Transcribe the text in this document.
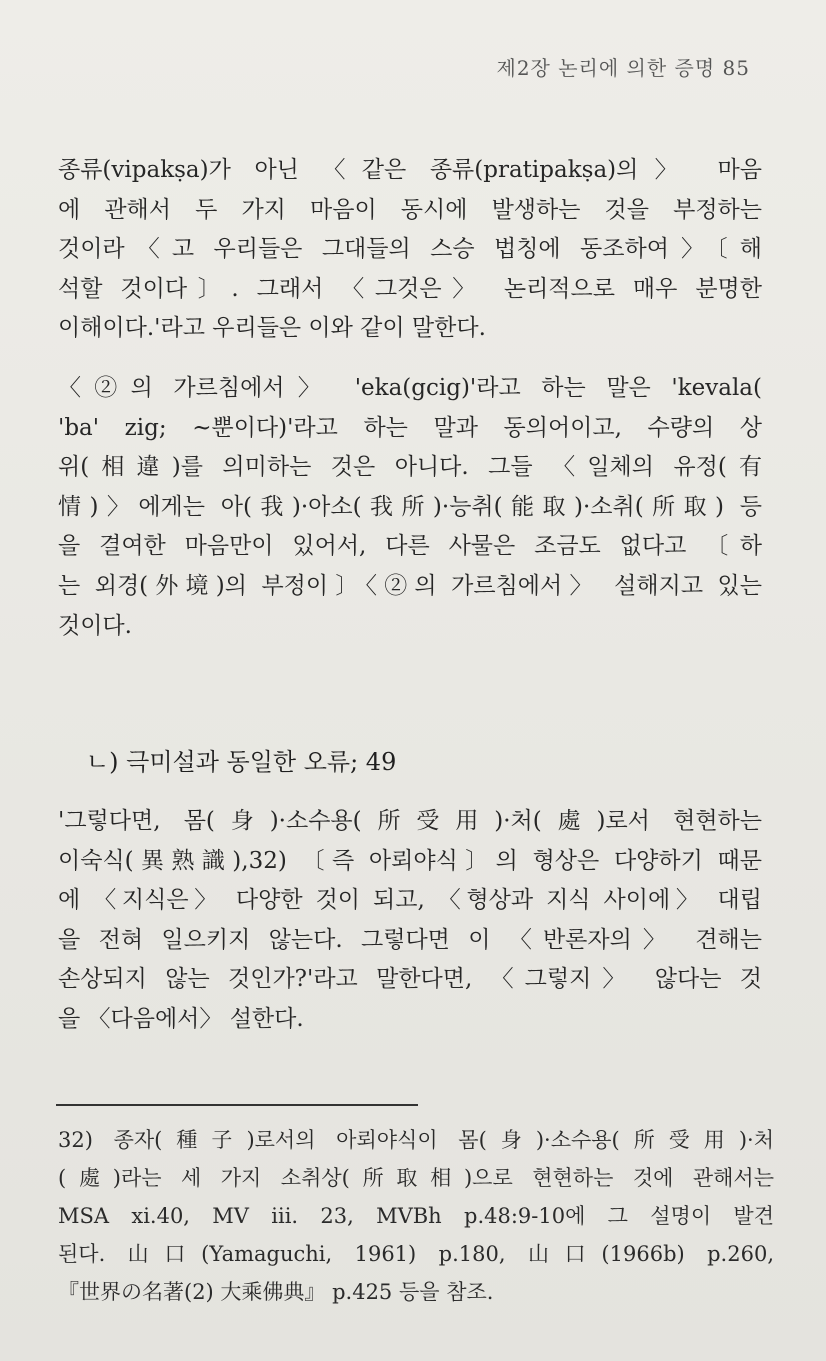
제2장 논리에 의한 증명 85
종류(vipakṣa)가 아닌 〈같은 종류(pratipakṣa)의〉 마음
에 관해서 두 가지 마음이 동시에 발생하는 것을 부정하는
것이라〈고 우리들은 그대들의 스승 법칭에 동조하여〉〔해
석할 것이다〕. 그래서 〈그것은〉 논리적으로 매우 분명한
이해이다.'라고 우리들은 이와 같이 말한다.
〈②의 가르침에서〉 'eka(gcig)'라고 하는 말은 'kevala(
'ba' zig; ~뿐이다)'라고 하는 말과 동의어이고, 수량의 상
위(相違)를 의미하는 것은 아니다. 그들 〈일체의 유정(有
情)〉에게는 아(我)·아소(我所)·능취(能取)·소취(所取) 등
을 결여한 마음만이 있어서, 다른 사물은 조금도 없다고 〔하
는 외경(外境)의 부정이〕〈②의 가르침에서〉 설해지고 있는
것이다.
ㄴ) 극미설과 동일한 오류; 49
'그렇다면, 몸(身)·소수용(所受用)·처(處)로서 현현하는
이숙식(異熟識),32) 〔즉 아뢰야식〕의 형상은 다양하기 때문
에 〈지식은〉 다양한 것이 되고, 〈형상과 지식 사이에〉 대립
을 전혀 일으키지 않는다. 그렇다면 이 〈반론자의〉 견해는
손상되지 않는 것인가?'라고 말한다면, 〈그렇지〉 않다는 것
을 〈다음에서〉 설한다.
32) 종자(種子)로서의 아뢰야식이 몸(身)·소수용(所受用)·처
(處)라는 세 가지 소취상(所取相)으로 현현하는 것에 관해서는
MSA xi.40, MV iii. 23, MVBh p.48:9-10에 그 설명이 발견
된다. 山口(Yamaguchi, 1961) p.180, 山口(1966b) p.260,
『世界の名著(2) 大乘佛典』 p.425 등을 참조.
